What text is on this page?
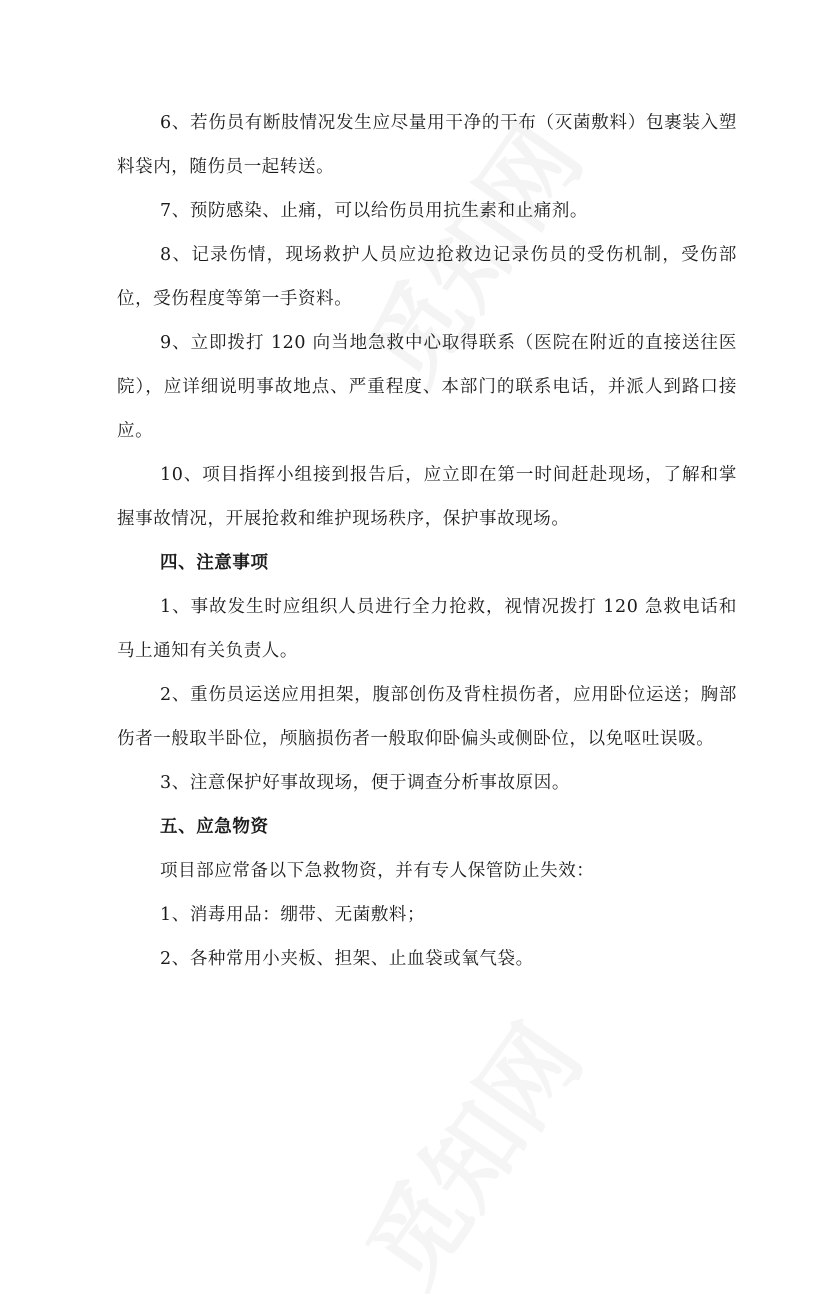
6、若伤员有断肢情况发生应尽量用干净的干布（灭菌敷料）包裹装入塑料袋内，随伤员一起转送。

7、预防感染、止痛，可以给伤员用抗生素和止痛剂。

8、记录伤情，现场救护人员应边抢救边记录伤员的受伤机制，受伤部位，受伤程度等第一手资料。

9、立即拨打 120 向当地急救中心取得联系（医院在附近的直接送往医院），应详细说明事故地点、严重程度、本部门的联系电话，并派人到路口接应。

10、项目指挥小组接到报告后，应立即在第一时间赶赴现场，了解和掌握事故情况，开展抢救和维护现场秩序，保护事故现场。

四、注意事项

1、事故发生时应组织人员进行全力抢救，视情况拨打 120 急救电话和马上通知有关负责人。

2、重伤员运送应用担架，腹部创伤及背柱损伤者，应用卧位运送；胸部伤者一般取半卧位，颅脑损伤者一般取仰卧偏头或侧卧位，以免呕吐误吸。

3、注意保护好事故现场，便于调查分析事故原因。

五、应急物资

项目部应常备以下急救物资，并有专人保管防止失效：

1、消毒用品：绷带、无菌敷料；

2、各种常用小夹板、担架、止血袋或氧气袋。
